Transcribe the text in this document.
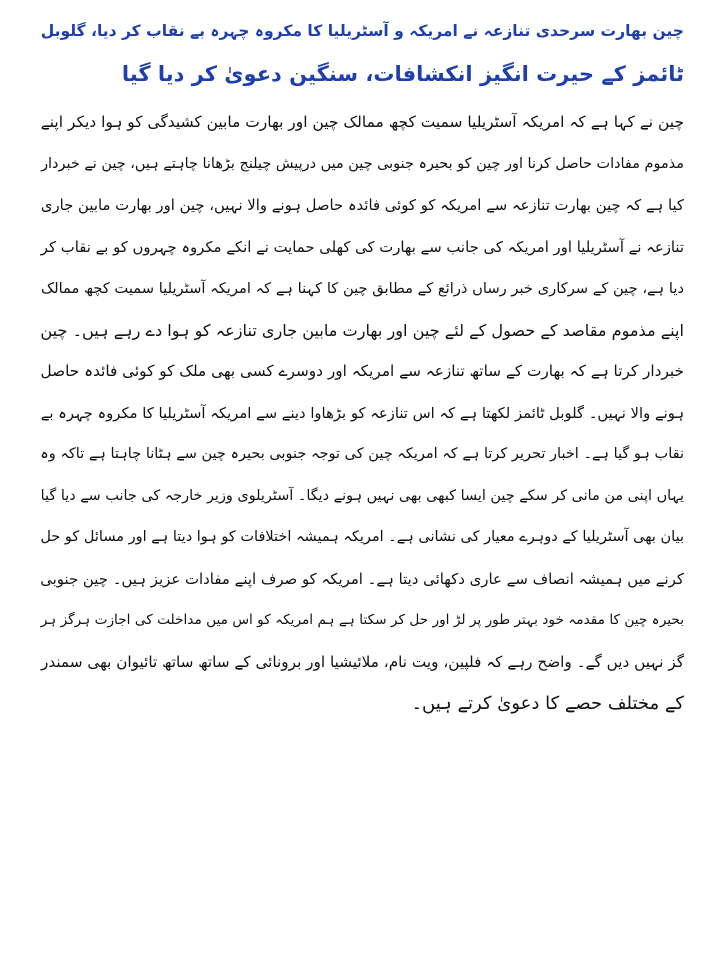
چین بھارت سرحدی تنازعہ نے امریکہ و آسٹریلیا کا مکروہ چہرہ بے نقاب کر دیا، گلوبل
ٹائمز کے حیرت انگیز انکشافات، سنگین دعویٰ کر دیا گیا
چین نے کہا ہے کہ امریکہ آسٹریلیا سمیت کچھ ممالک چین اور بھارت مابین کشیدگی کو ہوا دیکر اپنے
مذموم مفادات حاصل کرنا اور چین کو بحیرہ جنوبی چین میں درپیش چیلنج بڑھانا چاہتے ہیں، چین نے خبردار
کیا ہے کہ چین بھارت تنازعہ سے امریکہ کو کوئی فائدہ حاصل ہونے والا نہیں، چین اور بھارت مابین جاری
تنازعہ نے آسٹریلیا اور امریکہ کی جانب سے بھارت کی کھلی حمایت نے انکے مکروہ چہروں کو بے نقاب کر
دیا ہے، چین کے سرکاری خبر رساں ذرائع کے مطابق چین کا کہنا ہے کہ امریکہ آسٹریلیا سمیت کچھ ممالک
اپنے مذموم مقاصد کے حصول کے لئے چین اور بھارت مابین جاری تنازعہ کو ہوا دے رہے ہیں۔ چین
خبردار کرتا ہے کہ بھارت کے ساتھ تنازعہ سے امریکہ اور دوسرے کسی بھی ملک کو کوئی فائدہ حاصل
ہونے والا نہیں۔ گلوبل ٹائمز لکھتا ہے کہ اس تنازعہ کو بڑھاوا دینے سے امریکہ آسٹریلیا کا مکروہ چہرہ بے
نقاب ہو گیا ہے۔ اخبار تحریر کرتا ہے کہ امریکہ چین کی توجہ جنوبی بحیرہ چین سے ہٹانا چاہتا ہے تاکہ وہ
یہاں اپنی من مانی کر سکے چین ایسا کبھی بھی نہیں ہونے دیگا۔ آسٹریلوی وزیر خارجہ کی جانب سے دیا گیا
بیان بھی آسٹریلیا کے دوہرے معیار کی نشانی ہے۔ امریکہ ہمیشہ اختلافات کو ہوا دیتا ہے اور مسائل کو حل
کرنے میں ہمیشہ انصاف سے عاری دکھائی دیتا ہے۔ امریکہ کو صرف اپنے مفادات عزیز ہیں۔ چین جنوبی
بحیرہ چین کا مقدمہ خود بہتر طور پر لڑ اور حل کر سکتا ہے ہم امریکہ کو اس میں مداخلت کی اجازت ہرگز ہر
گز نہیں دیں گے۔ واضح رہے کہ فلپین، ویت نام، ملائیشیا اور برونائی کے ساتھ ساتھ تائیوان بھی سمندر
کے مختلف حصے کا دعویٰ کرتے ہیں۔
